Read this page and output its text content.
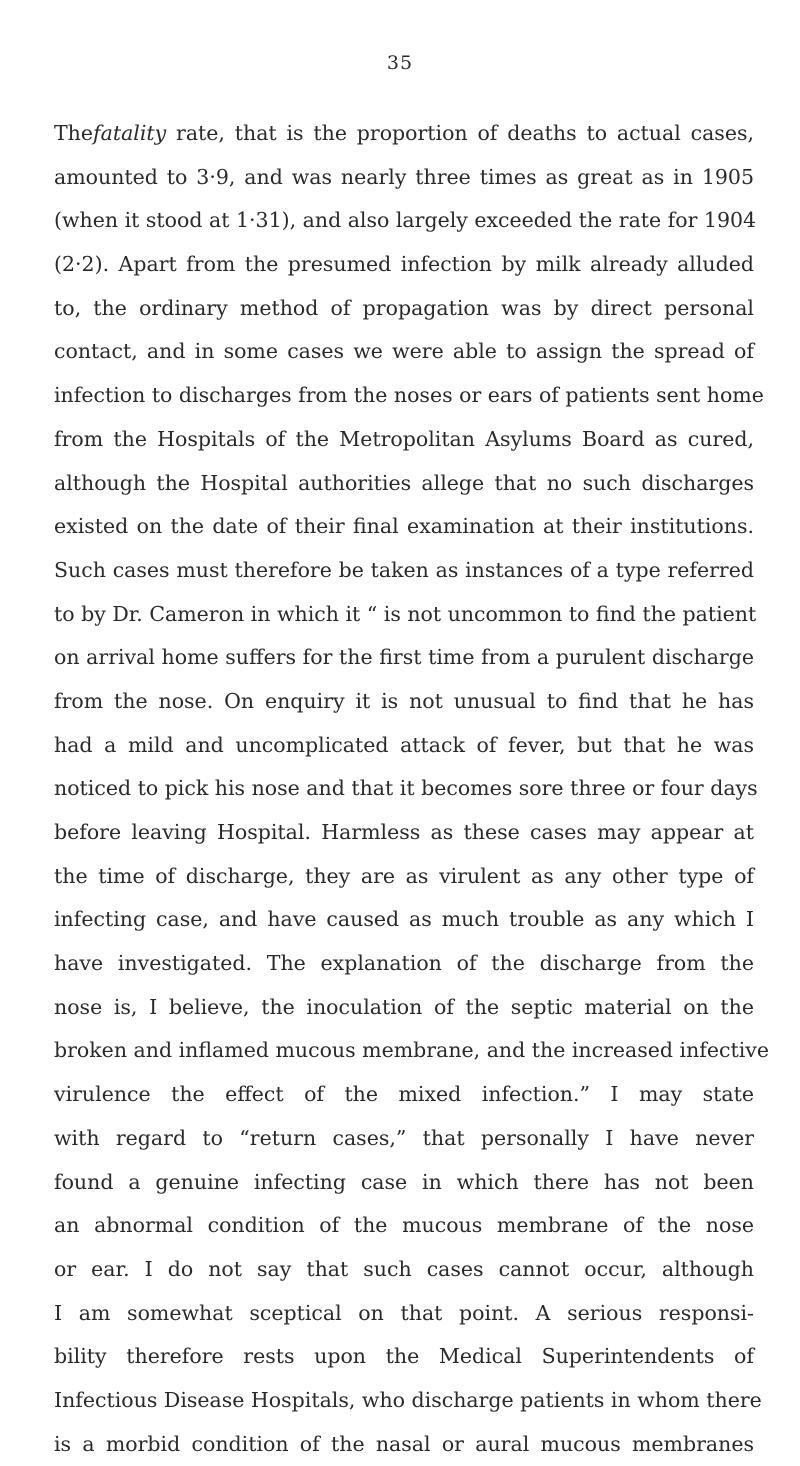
35
Thefatality rate, that is the proportion of deaths to actual cases,
amounted to 3·9, and was nearly three times as great as in 1905
(when it stood at 1·31), and also largely exceeded the rate for 1904
(2·2). Apart from the presumed infection by milk already alluded
to, the ordinary method of propagation was by direct personal
contact, and in some cases we were able to assign the spread of
infection to discharges from the noses or ears of patients sent home
from the Hospitals of the Metropolitan Asylums Board as cured,
although the Hospital authorities allege that no such discharges
existed on the date of their final examination at their institutions.
Such cases must therefore be taken as instances of a type referred
to by Dr. Cameron in which it “ is not uncommon to find the patient
on arrival home suffers for the first time from a purulent discharge
from the nose. On enquiry it is not unusual to find that he has
had a mild and uncomplicated attack of fever, but that he was
noticed to pick his nose and that it becomes sore three or four days
before leaving Hospital. Harmless as these cases may appear at
the time of discharge, they are as virulent as any other type of
infecting case, and have caused as much trouble as any which I
have investigated. The explanation of the discharge from the
nose is, I believe, the inoculation of the septic material on the
broken and inflamed mucous membrane, and the increased infective
virulence the effect of the mixed infection.” I may state
with regard to “return cases,” that personally I have never
found a genuine infecting case in which there has not been
an abnormal condition of the mucous membrane of the nose
or ear. I do not say that such cases cannot occur, although
I am somewhat sceptical on that point. A serious responsi-
bility therefore rests upon the Medical Superintendents of
Infectious Disease Hospitals, who discharge patients in whom there
is a morbid condition of the nasal or aural mucous membranes
